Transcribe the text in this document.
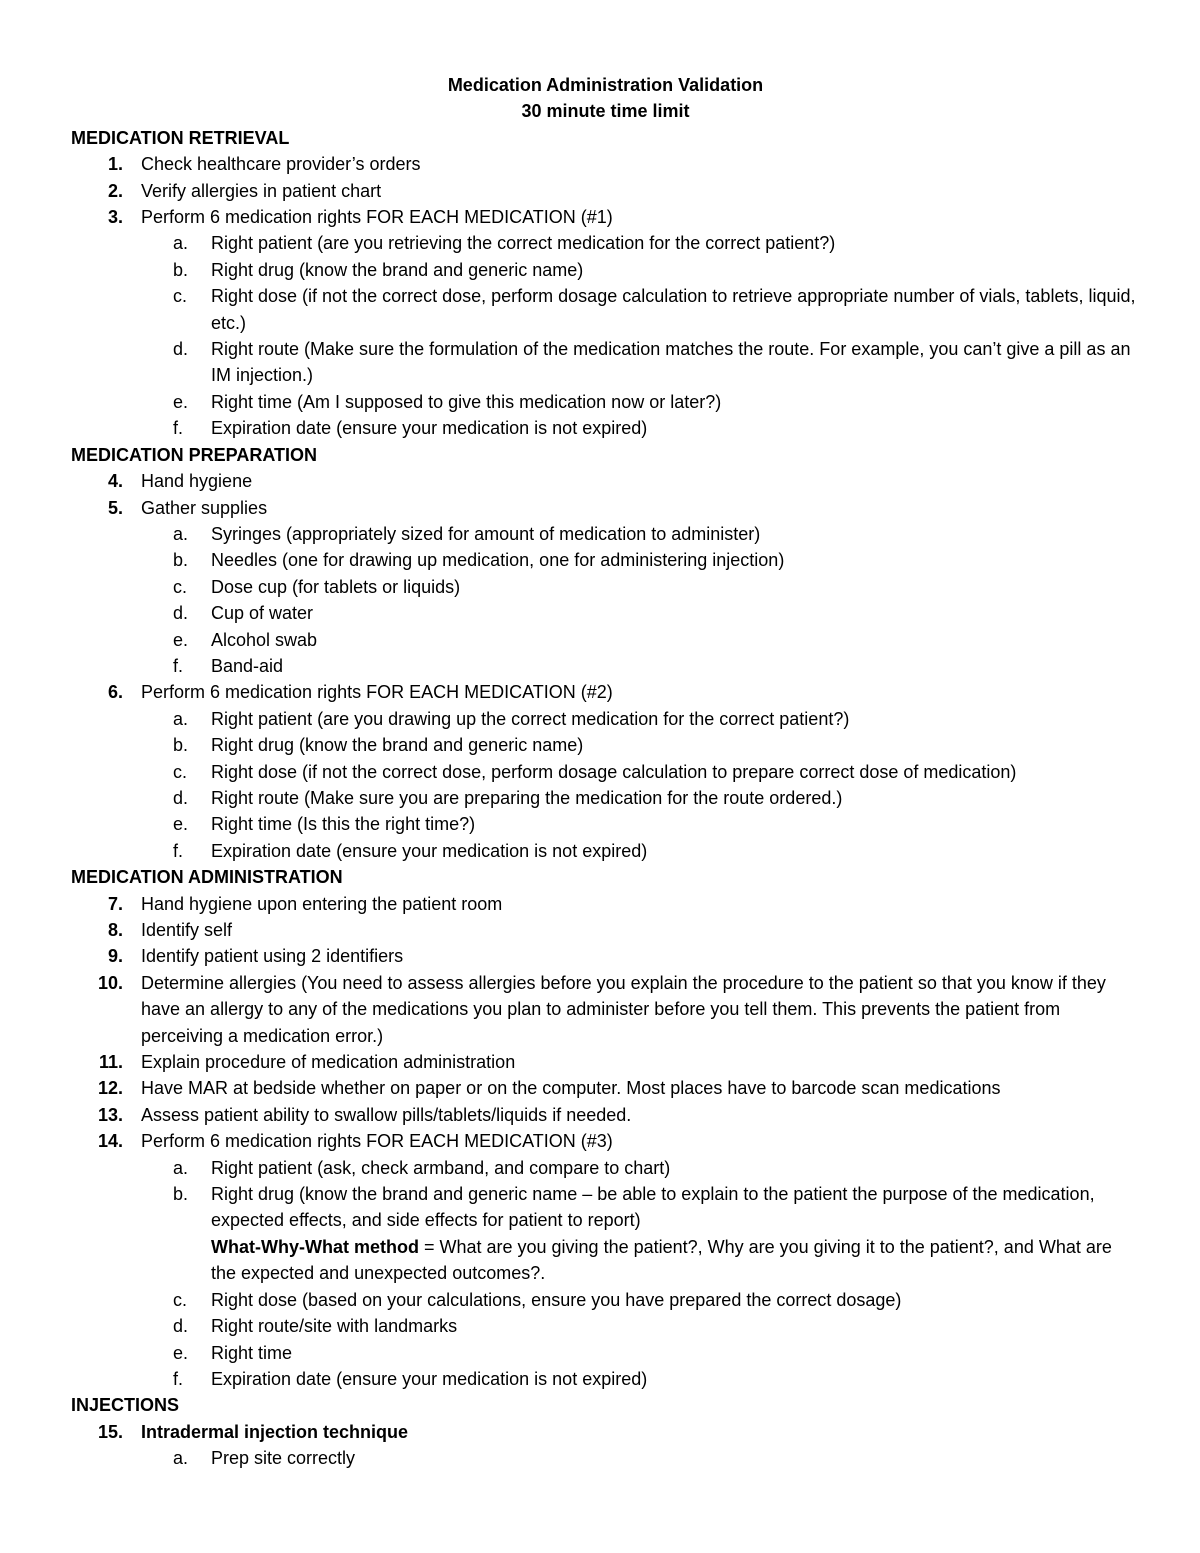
Medication Administration Validation
30 minute time limit
MEDICATION RETRIEVAL
1. Check healthcare provider’s orders
2. Verify allergies in patient chart
3. Perform 6 medication rights FOR EACH MEDICATION (#1)
a. Right patient (are you retrieving the correct medication for the correct patient?)
b. Right drug (know the brand and generic name)
c. Right dose (if not the correct dose, perform dosage calculation to retrieve appropriate number of vials, tablets, liquid, etc.)
d. Right route (Make sure the formulation of the medication matches the route. For example, you can’t give a pill as an IM injection.)
e. Right time (Am I supposed to give this medication now or later?)
f. Expiration date (ensure your medication is not expired)
MEDICATION PREPARATION
4. Hand hygiene
5. Gather supplies
a. Syringes (appropriately sized for amount of medication to administer)
b. Needles (one for drawing up medication, one for administering injection)
c. Dose cup (for tablets or liquids)
d. Cup of water
e. Alcohol swab
f. Band-aid
6. Perform 6 medication rights FOR EACH MEDICATION (#2)
a. Right patient (are you drawing up the correct medication for the correct patient?)
b. Right drug (know the brand and generic name)
c. Right dose (if not the correct dose, perform dosage calculation to prepare correct dose of medication)
d. Right route (Make sure you are preparing the medication for the route ordered.)
e. Right time (Is this the right time?)
f. Expiration date (ensure your medication is not expired)
MEDICATION ADMINISTRATION
7. Hand hygiene upon entering the patient room
8. Identify self
9. Identify patient using 2 identifiers
10. Determine allergies (You need to assess allergies before you explain the procedure to the patient so that you know if they have an allergy to any of the medications you plan to administer before you tell them. This prevents the patient from perceiving a medication error.)
11. Explain procedure of medication administration
12. Have MAR at bedside whether on paper or on the computer. Most places have to barcode scan medications
13. Assess patient ability to swallow pills/tablets/liquids if needed.
14. Perform 6 medication rights FOR EACH MEDICATION (#3)
a. Right patient (ask, check armband, and compare to chart)
b. Right drug (know the brand and generic name – be able to explain to the patient the purpose of the medication, expected effects, and side effects for patient to report)
What-Why-What method = What are you giving the patient?, Why are you giving it to the patient?, and What are the expected and unexpected outcomes?.
c. Right dose (based on your calculations, ensure you have prepared the correct dosage)
d. Right route/site with landmarks
e. Right time
f. Expiration date (ensure your medication is not expired)
INJECTIONS
15. Intradermal injection technique
a. Prep site correctly
